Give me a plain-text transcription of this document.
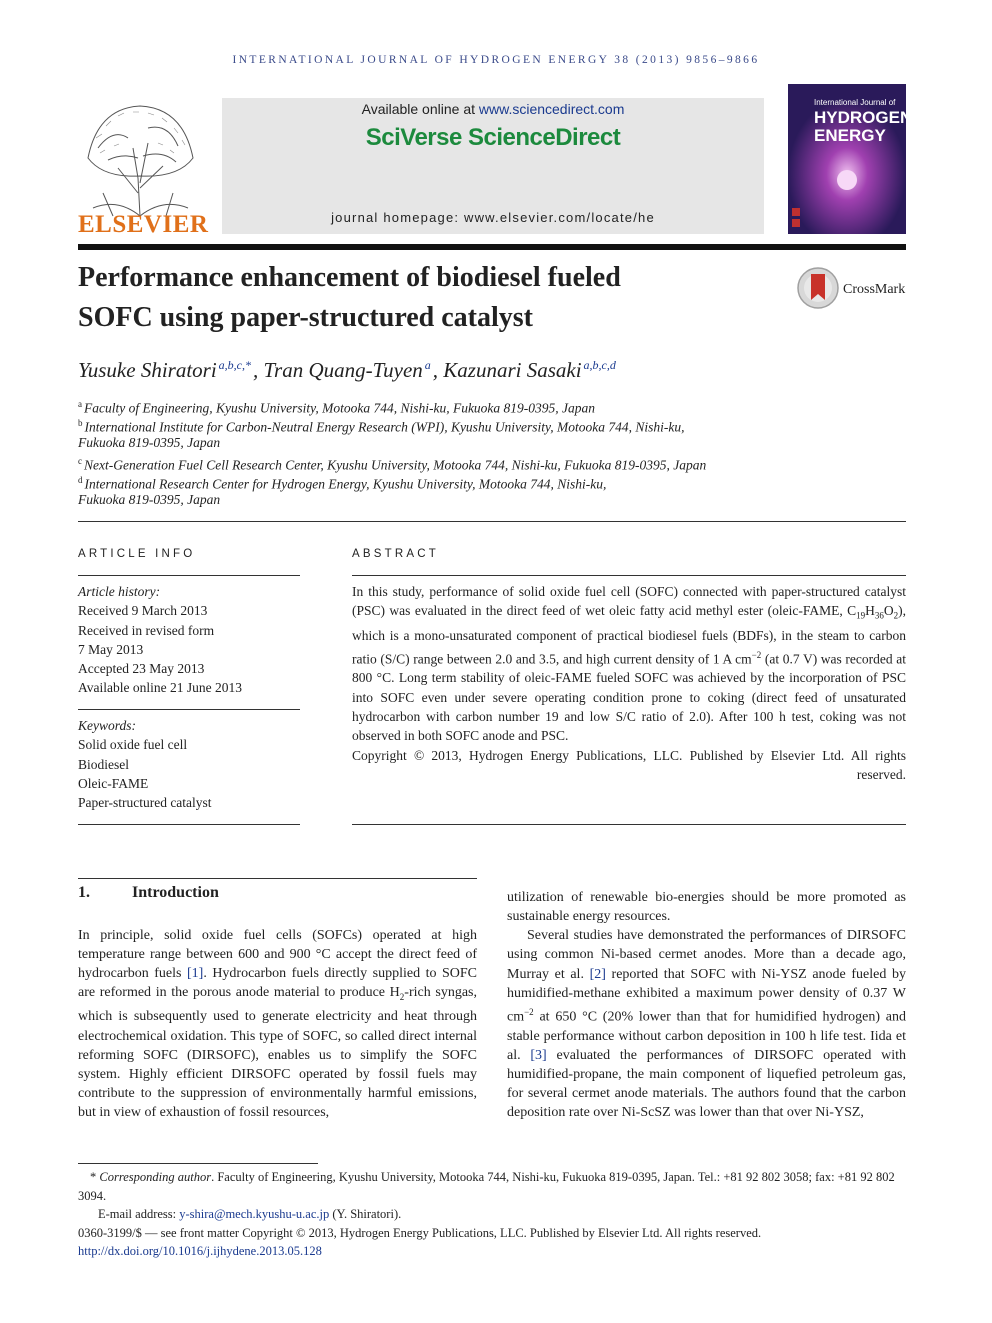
INTERNATIONAL JOURNAL OF HYDROGEN ENERGY 38 (2013) 9856–9866
ELSEVIER
Available online at www.sciencedirect.com
SciVerse ScienceDirect
journal homepage: www.elsevier.com/locate/he
International Journal of
HYDROGEN
ENERGY
Performance enhancement of biodiesel fueled
SOFC using paper-structured catalyst
CrossMark
Yusuke Shiratori $^{a,b,c,*}$, Tran Quang-Tuyen $^a$, Kazunari Sasaki $^{a,b,c,d}$
$^a$ Faculty of Engineering, Kyushu University, Motooka 744, Nishi-ku, Fukuoka 819-0395, Japan
$^b$ International Institute for Carbon-Neutral Energy Research (WPI), Kyushu University, Motooka 744, Nishi-ku,
Fukuoka 819-0395, Japan
$^c$ Next-Generation Fuel Cell Research Center, Kyushu University, Motooka 744, Nishi-ku, Fukuoka 819-0395, Japan
$^d$ International Research Center for Hydrogen Energy, Kyushu University, Motooka 744, Nishi-ku,
Fukuoka 819-0395, Japan
ARTICLE INFO
Article history:
Received 9 March 2013
Received in revised form
7 May 2013
Accepted 23 May 2013
Available online 21 June 2013
Keywords:
Solid oxide fuel cell
Biodiesel
Oleic-FAME
Paper-structured catalyst
ABSTRACT
In this study, performance of solid oxide fuel cell (SOFC) connected with paper-structured catalyst (PSC) was evaluated in the direct feed of wet oleic fatty acid methyl ester (oleic-FAME, $C_{19}H_{36}O_2$), which is a mono-unsaturated component of practical biodiesel fuels (BDFs), in the steam to carbon ratio (S/C) range between 2.0 and 3.5, and high current density of 1 A $cm^{-2}$ (at 0.7 V) was recorded at 800 °C. Long term stability of oleic-FAME fueled SOFC was achieved by the incorporation of PSC into SOFC even under severe operating condition prone to coking (direct feed of unsaturated hydrocarbon with carbon number 19 and low S/C ratio of 2.0). After 100 h test, coking was not observed in both SOFC anode and PSC.
Copyright © 2013, Hydrogen Energy Publications, LLC. Published by Elsevier Ltd. All rights reserved.
1.	Introduction

In principle, solid oxide fuel cells (SOFCs) operated at high temperature range between 600 and 900 °C accept the direct feed of hydrocarbon fuels [1]. Hydrocarbon fuels directly supplied to SOFC are reformed in the porous anode material to produce $H_2$-rich syngas, which is subsequently used to generate electricity and heat through electrochemical oxidation. This type of SOFC, so called direct internal reforming SOFC (DIRSOFC), enables us to simplify the SOFC system. Highly efficient DIRSOFC operated by fossil fuels may contribute to the suppression of environmentally harmful emissions, but in view of exhaustion of fossil resources,

utilization of renewable bio-energies should be more promoted as sustainable energy resources.

Several studies have demonstrated the performances of DIRSOFC using common Ni-based cermet anodes. More than a decade ago, Murray et al. [2] reported that SOFC with Ni-YSZ anode fueled by humidified-methane exhibited a maximum power density of 0.37 W $cm^{-2}$ at 650 °C (20% lower than that for humidified hydrogen) and stable performance without carbon deposition in 100 h life test. Iida et al. [3] evaluated the performances of DIRSOFC operated with humidified-propane, the main component of liquefied petroleum gas, for several cermet anode materials. The authors found that the carbon deposition rate over Ni-ScSZ was lower than that over Ni-YSZ,

* Corresponding author. Faculty of Engineering, Kyushu University, Motooka 744, Nishi-ku, Fukuoka 819-0395, Japan. Tel.: +81 92 802 3058; fax: +81 92 802 3094.
E-mail address: y-shira@mech.kyushu-u.ac.jp (Y. Shiratori).
0360-3199/$ — see front matter Copyright © 2013, Hydrogen Energy Publications, LLC. Published by Elsevier Ltd. All rights reserved.
http://dx.doi.org/10.1016/j.ijhydene.2013.05.128
